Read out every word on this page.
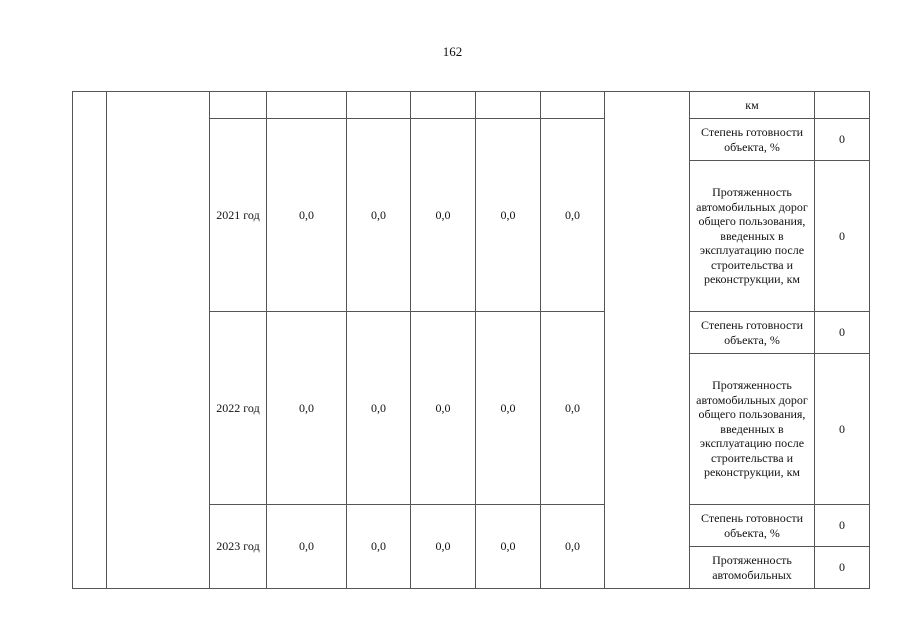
162
									км	
		2021 год	0,0	0,0	0,0	0,0	0,0		Степень готовности объекта, %	0
									Протяженность автомобильных дорог общего пользования, введенных в эксплуатацию после строительства и реконструкции, км	0
		2022 год	0,0	0,0	0,0	0,0	0,0		Степень готовности объекта, %	0
									Протяженность автомобильных дорог общего пользования, введенных в эксплуатацию после строительства и реконструкции, км	0
		2023 год	0,0	0,0	0,0	0,0	0,0		Степень готовности объекта, %	0
									Протяженность автомобильных	0
